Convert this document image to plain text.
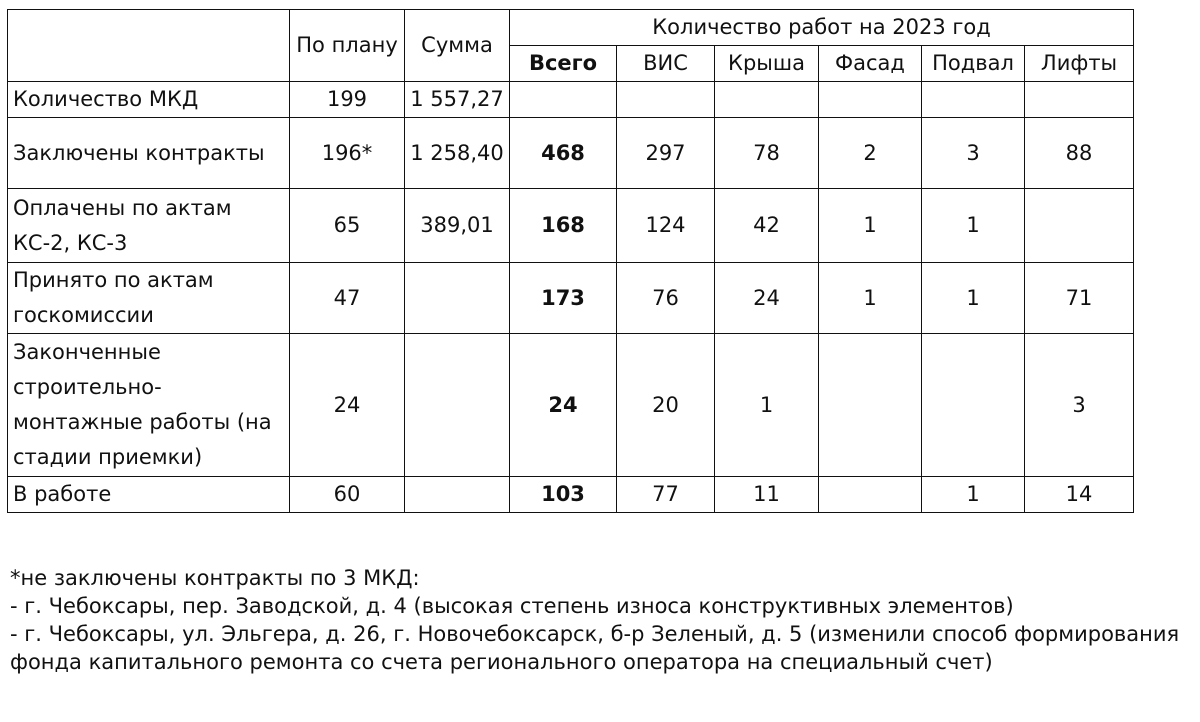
	По плану	Сумма	Количество работ на 2023 год					
			Всего	ВИС	Крыша	Фасад	Подвал	Лифты
Количество МКД	199	1 557,27						
Заключены контракты	196*	1 258,40	468	297	78	2	3	88
Оплачены по актам КС-2, КС-3	65	389,01	168	124	42	1	1	
Принято по актам госкомиссии	47		173	76	24	1	1	71
Законченные строительно-монтажные работы (на стадии приемки)	24		24	20	1			3
В работе	60		103	77	11		1	14
*не заключены контракты по 3 МКД:
- г. Чебоксары, пер. Заводской, д. 4 (высокая степень износа конструктивных элементов)
- г. Чебоксары, ул. Эльгера, д. 26, г. Новочебоксарск, б-р Зеленый, д. 5 (изменили способ формирования фонда капитального ремонта со счета регионального оператора на специальный счет)
